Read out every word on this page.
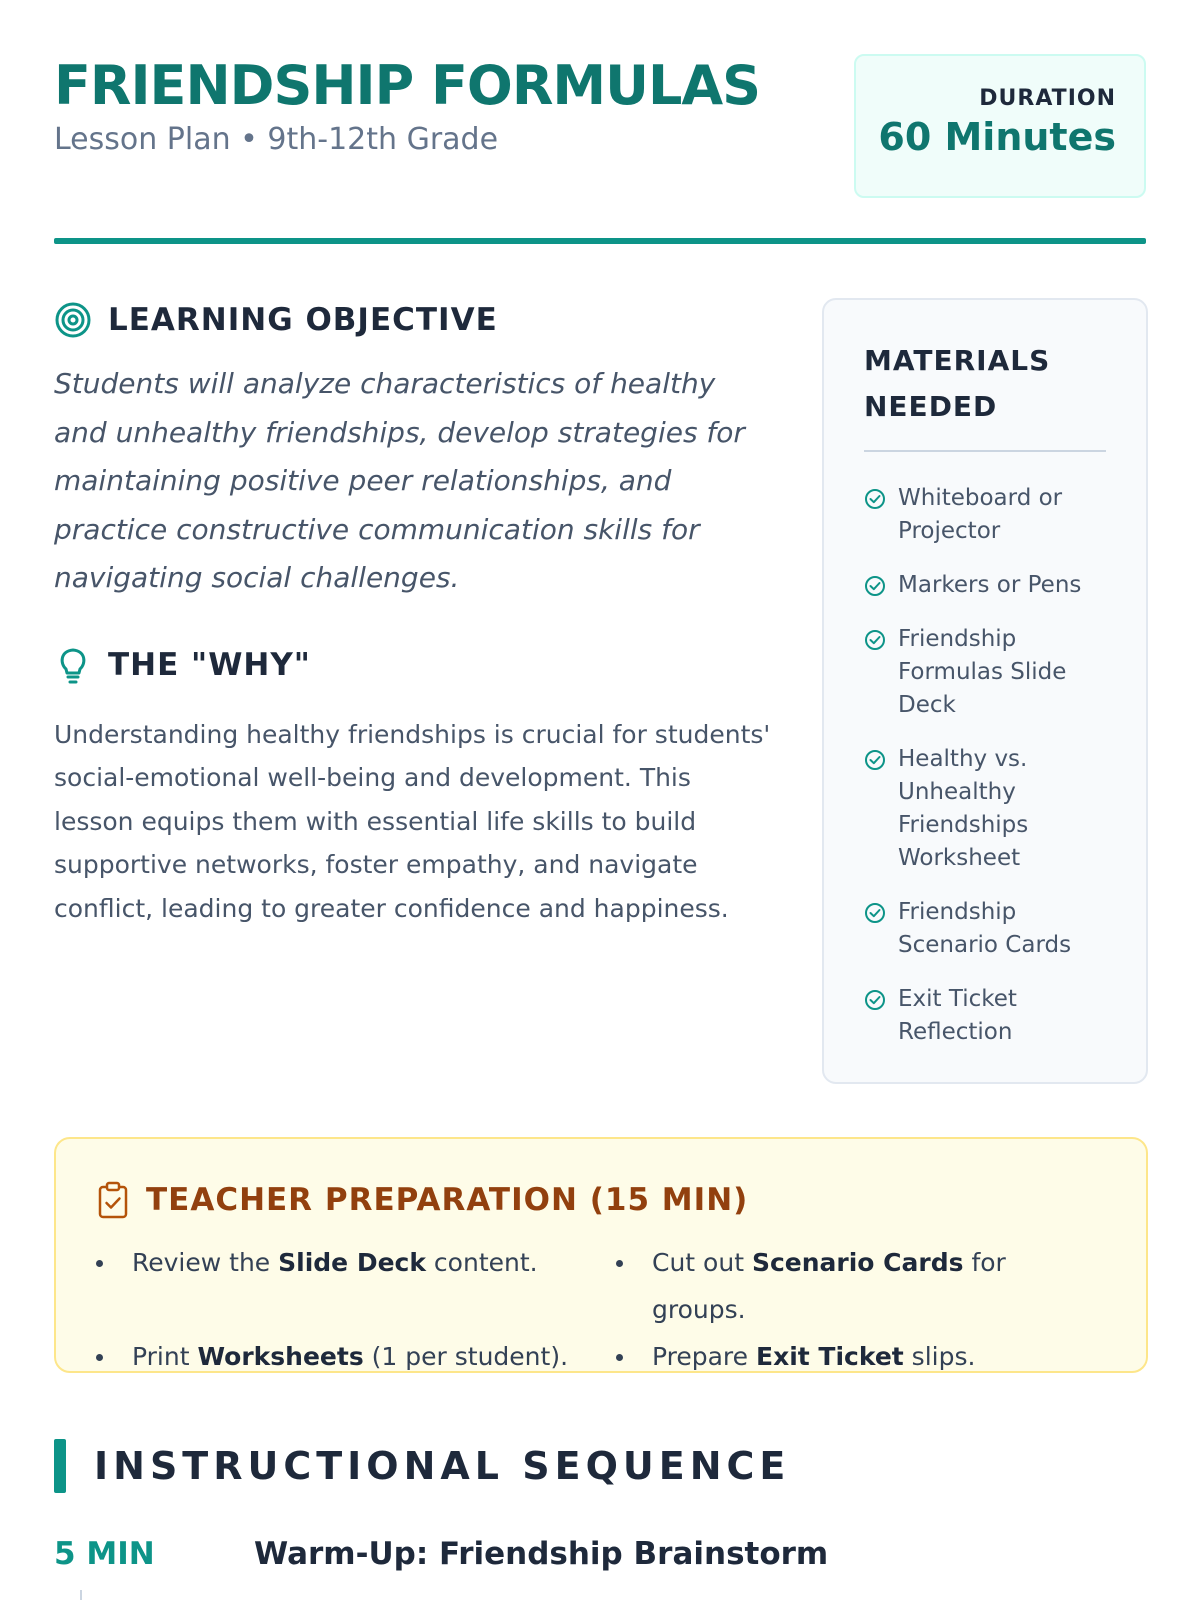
FRIENDSHIP FORMULAS
Lesson Plan • 9th-12th Grade
DURATION
60 Minutes
LEARNING OBJECTIVE

Students will analyze characteristics of healthy and unhealthy friendships, develop strategies for maintaining positive peer relationships, and practice constructive communication skills for navigating social challenges.

THE "WHY"

Understanding healthy friendships is crucial for students' social-emotional well-being and development. This lesson equips them with essential life skills to build supportive networks, foster empathy, and navigate conflict, leading to greater confidence and happiness.

MATERIALS NEEDED
Whiteboard or Projector
Markers or Pens
Friendship Formulas Slide Deck
Healthy vs. Unhealthy Friendships Worksheet
Friendship Scenario Cards
Exit Ticket Reflection
TEACHER PREPARATION (15 MIN)
Review the Slide Deck content.	Cut out Scenario Cards for groups.
Print Worksheets (1 per student).	Prepare Exit Ticket slips.
INSTRUCTIONAL SEQUENCE
5 MIN	Warm-Up: Friendship Brainstorm
